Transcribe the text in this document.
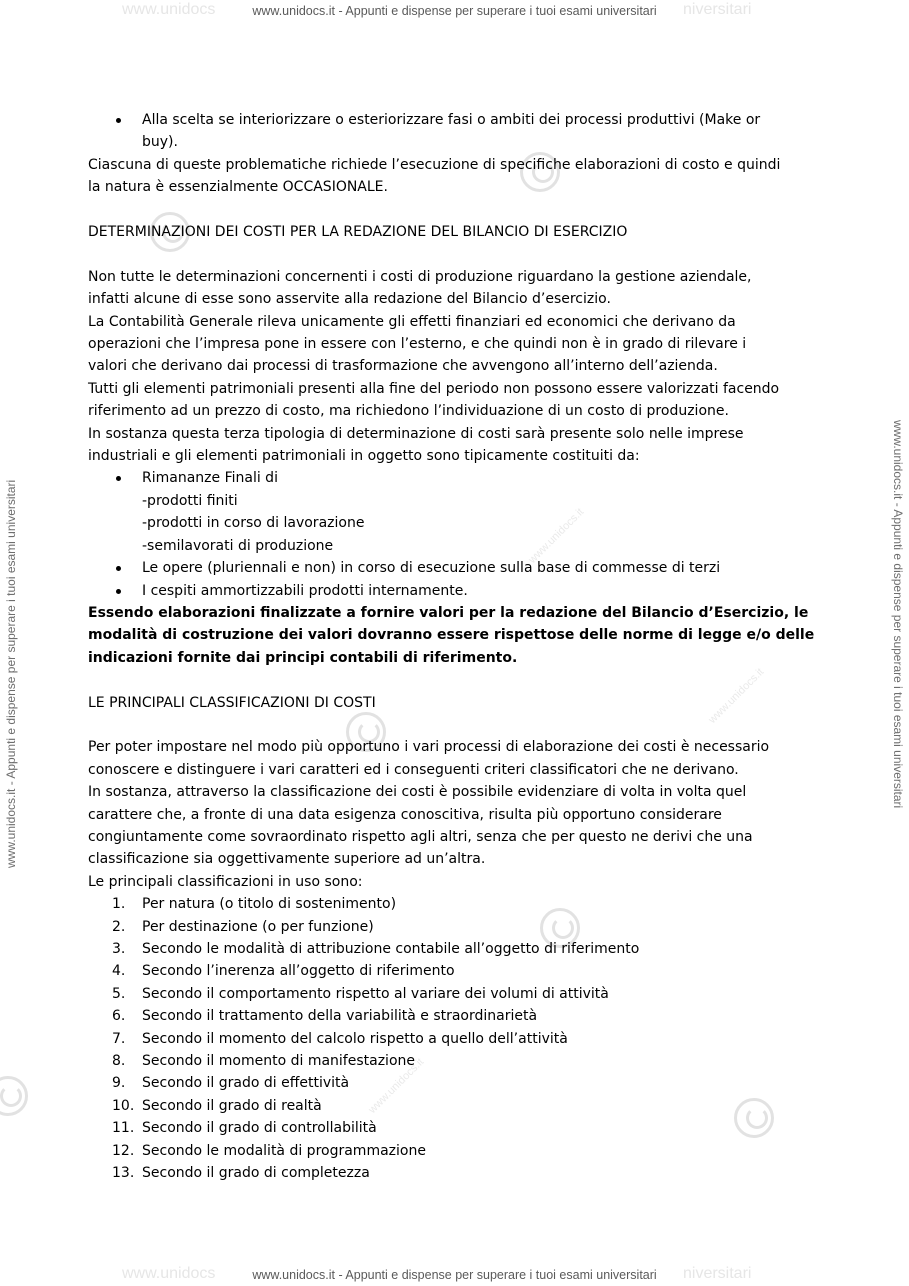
www.unidocs	www.unidocs.it - Appunti e dispense per superare i tuoi esami universitari niversitari
www.unidocs	www.unidocs.it - Appunti e dispense per superare i tuoi esami universitari niversitari
www.unidocs.it - Appunti e dispense per superare i tuoi esami universitari	www.unidocs.it - Appunti e dispense per superare i tuoi esami universitari
www.unidocs.it
www.unidocs.it
www.unidocs.it
Alla scelta se interiorizzare o esteriorizzare fasi o ambiti dei processi produttivi (Make or
buy).
Ciascuna di queste problematiche richiede l’esecuzione di specifiche elaborazioni di costo e quindi
la natura è essenzialmente OCCASIONALE.
DETERMINAZIONI DEI COSTI PER LA REDAZIONE DEL BILANCIO DI ESERCIZIO
Non tutte le determinazioni concernenti i costi di produzione riguardano la gestione aziendale,
infatti alcune di esse sono asservite alla redazione del Bilancio d’esercizio.
La Contabilità Generale rileva unicamente gli effetti finanziari ed economici che derivano da
operazioni che l’impresa pone in essere con l’esterno, e che quindi non è in grado di rilevare i
valori che derivano dai processi di trasformazione che avvengono all’interno dell’azienda.
Tutti gli elementi patrimoniali presenti alla fine del periodo non possono essere valorizzati facendo
riferimento ad un prezzo di costo, ma richiedono l’individuazione di un costo di produzione.
In sostanza questa terza tipologia di determinazione di costi sarà presente solo nelle imprese
industriali e gli elementi patrimoniali in oggetto sono tipicamente costituiti da:
Rimananze Finali di
-prodotti finiti
-prodotti in corso di lavorazione
-semilavorati di produzione
Le opere (pluriennali e non) in corso di esecuzione sulla base di commesse di terzi
I cespiti ammortizzabili prodotti internamente.
Essendo elaborazioni finalizzate a fornire valori per la redazione del Bilancio d’Esercizio, le
modalità di costruzione dei valori dovranno essere rispettose delle norme di legge e/o delle
indicazioni fornite dai principi contabili di riferimento.
LE PRINCIPALI CLASSIFICAZIONI DI COSTI
Per poter impostare nel modo più opportuno i vari processi di elaborazione dei costi è necessario
conoscere e distinguere i vari caratteri ed i conseguenti criteri classificatori che ne derivano.
In sostanza, attraverso la classificazione dei costi è possibile evidenziare di volta in volta quel
carattere che, a fronte di una data esigenza conoscitiva, risulta più opportuno considerare
congiuntamente come sovraordinato rispetto agli altri, senza che per questo ne derivi che una
classificazione sia oggettivamente superiore ad un’altra.
Le principali classificazioni in uso sono:
1.	Per natura (o titolo di sostenimento)
2.	Per destinazione (o per funzione)
3.	Secondo le modalità di attribuzione contabile all’oggetto di riferimento
4.	Secondo l’inerenza all’oggetto di riferimento
5.	Secondo il comportamento rispetto al variare dei volumi di attività
6.	Secondo il trattamento della variabilità e straordinarietà
7.	Secondo il momento del calcolo rispetto a quello dell’attività
8.	Secondo il momento di manifestazione
9.	Secondo il grado di effettività
10. Secondo il grado di realtà
11. Secondo il grado di controllabilità
12. Secondo le modalità di programmazione
13. Secondo il grado di completezza
